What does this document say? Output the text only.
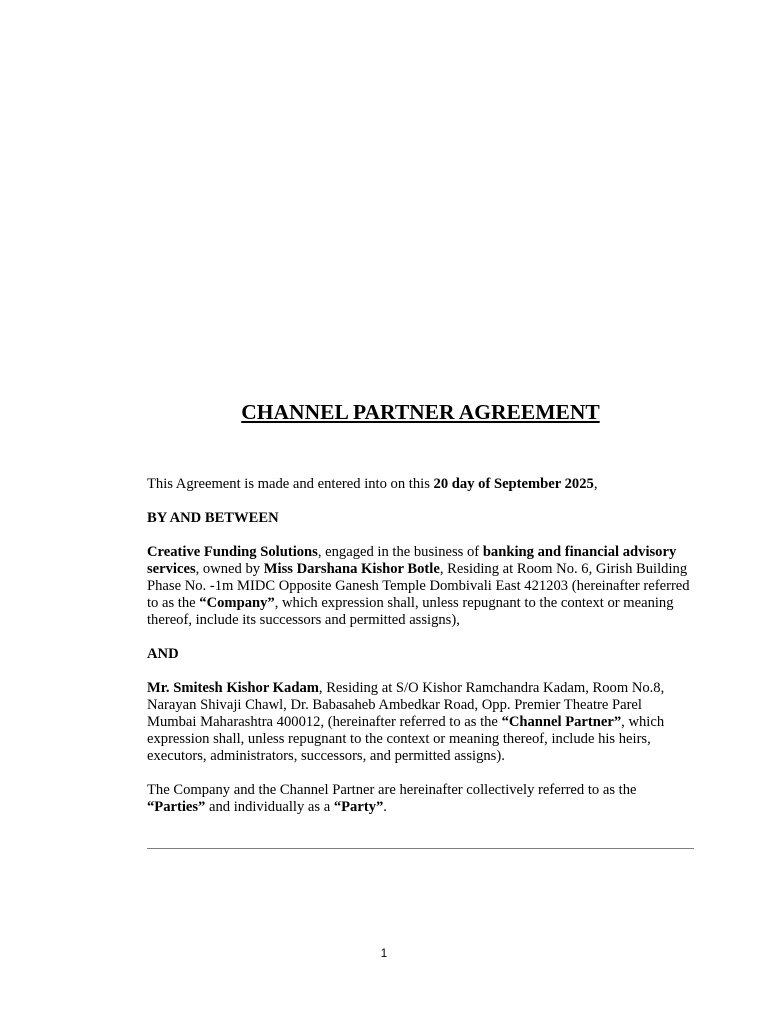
CHANNEL PARTNER AGREEMENT

This Agreement is made and entered into on this 20 day of September 2025,

BY AND BETWEEN

Creative Funding Solutions, engaged in the business of banking and financial advisory services, owned by Miss Darshana Kishor Botle, Residing at Room No. 6, Girish Building Phase No. -1m MIDC Opposite Ganesh Temple Dombivali East 421203 (hereinafter referred to as the “Company”, which expression shall, unless repugnant to the context or meaning thereof, include its successors and permitted assigns),

AND

Mr. Smitesh Kishor Kadam, Residing at S/O Kishor Ramchandra Kadam, Room No.8, Narayan Shivaji Chawl, Dr. Babasaheb Ambedkar Road, Opp. Premier Theatre Parel Mumbai Maharashtra 400012, (hereinafter referred to as the “Channel Partner”, which expression shall, unless repugnant to the context or meaning thereof, include his heirs, executors, administrators, successors, and permitted assigns).

The Company and the Channel Partner are hereinafter collectively referred to as the “Parties” and individually as a “Party”.

1
